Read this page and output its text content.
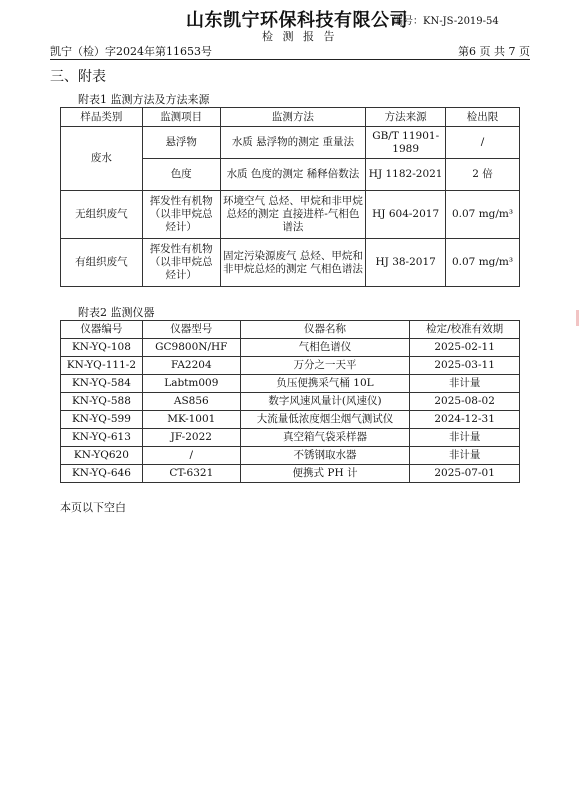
山东凯宁环保科技有限公司
编号：KN-JS-2019-54
检 测 报 告
凯宁（检）字2024年第11653号	第6 页 共 7 页
三、附表
附表1 监测方法及方法来源
样品类别	监测项目	监测方法	方法来源	检出限
废水	悬浮物	水质 悬浮物的测定 重量法	GB/T 11901-1989	/
	色度	水质 色度的测定 稀释倍数法	HJ 1182-2021	2 倍
无组织废气	挥发性有机物（以非甲烷总烃计）	环境空气 总烃、甲烷和非甲烷总烃的测定 直接进样-气相色谱法	HJ 604-2017	0.07 mg/m³
有组织废气	挥发性有机物（以非甲烷总烃计）	固定污染源废气 总烃、甲烷和非甲烷总烃的测定 气相色谱法	HJ 38-2017	0.07 mg/m³
附表2 监测仪器
仪器编号	仪器型号	仪器名称	检定/校准有效期
KN-YQ-108	GC9800N/HF	气相色谱仪	2025-02-11
KN-YQ-111-2	FA2204	万分之一天平	2025-03-11
KN-YQ-584	Labtm009	负压便携采气桶 10L	非计量
KN-YQ-588	AS856	数字风速风量计(风速仪)	2025-08-02
KN-YQ-599	MK-1001	大流量低浓度烟尘烟气测试仪	2024-12-31
KN-YQ-613	JF-2022	真空箱气袋采样器	非计量
KN-YQ620	/	不锈钢取水器	非计量
KN-YQ-646	CT-6321	便携式 PH 计	2025-07-01
本页以下空白
